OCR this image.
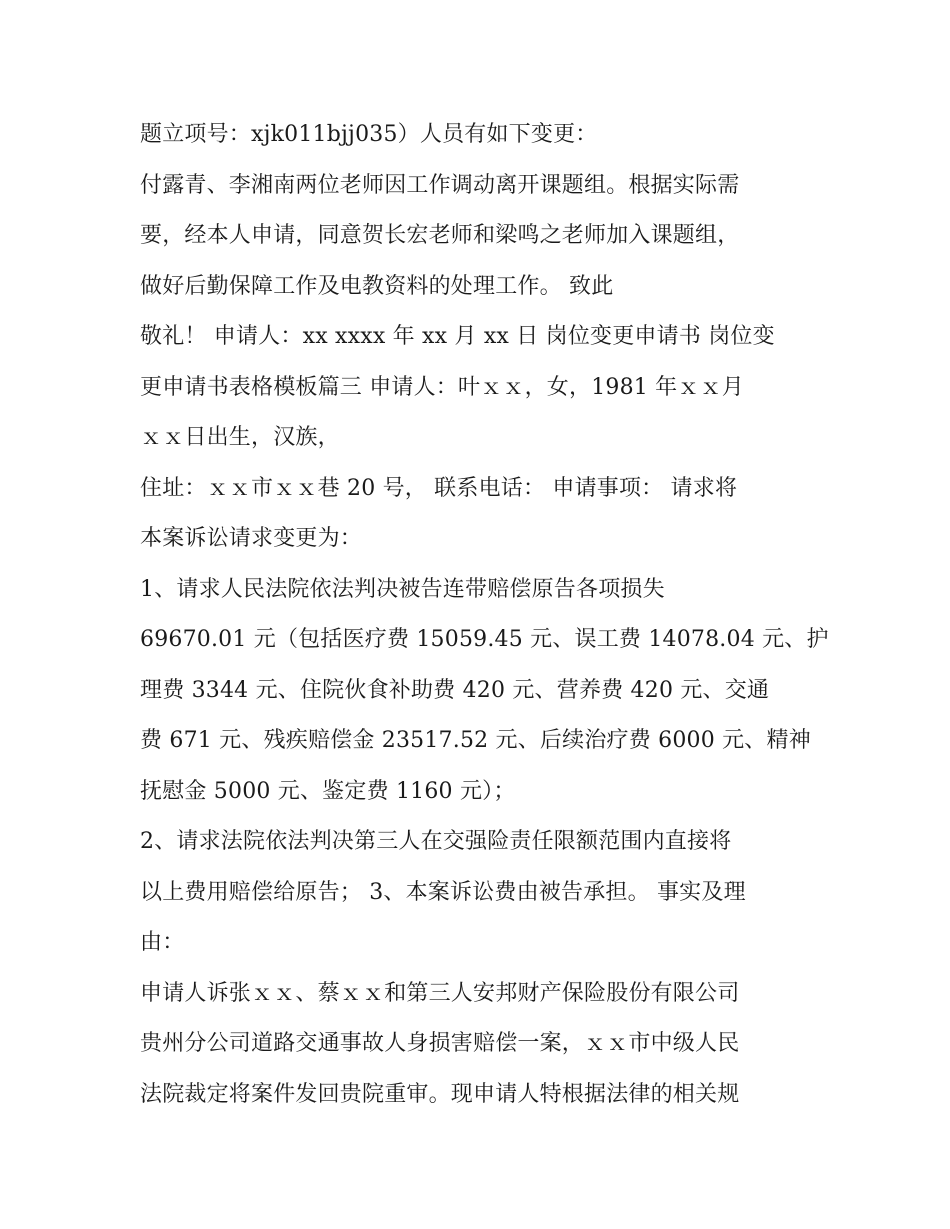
题立项号：xjk011bjj035）人员有如下变更：
付露青、李湘南两位老师因工作调动离开课题组。根据实际需
要，经本人申请，同意贺长宏老师和梁鸣之老师加入课题组，
做好后勤保障工作及电教资料的处理工作。 致此
敬礼！ 申请人：xx xxxx 年 xx 月 xx 日 岗位变更申请书 岗位变
更申请书表格模板篇三 申请人：叶ｘｘ，女，1981 年ｘｘ月
ｘｘ日出生，汉族，
住址：ｘｘ市ｘｘ巷 20 号， 联系电话： 申请事项： 请求将
本案诉讼请求变更为：
1、请求人民法院依法判决被告连带赔偿原告各项损失
69670.01 元（包括医疗费 15059.45 元、误工费 14078.04 元、护
理费 3344 元、住院伙食补助费 420 元、营养费 420 元、交通
费 671 元、残疾赔偿金 23517.52 元、后续治疗费 6000 元、精神
抚慰金 5000 元、鉴定费 1160 元）；
2、请求法院依法判决第三人在交强险责任限额范围内直接将
以上费用赔偿给原告； 3、本案诉讼费由被告承担。 事实及理
由：
申请人诉张ｘｘ、蔡ｘｘ和第三人安邦财产保险股份有限公司
贵州分公司道路交通事故人身损害赔偿一案，ｘｘ市中级人民
法院裁定将案件发回贵院重审。现申请人特根据法律的相关规
